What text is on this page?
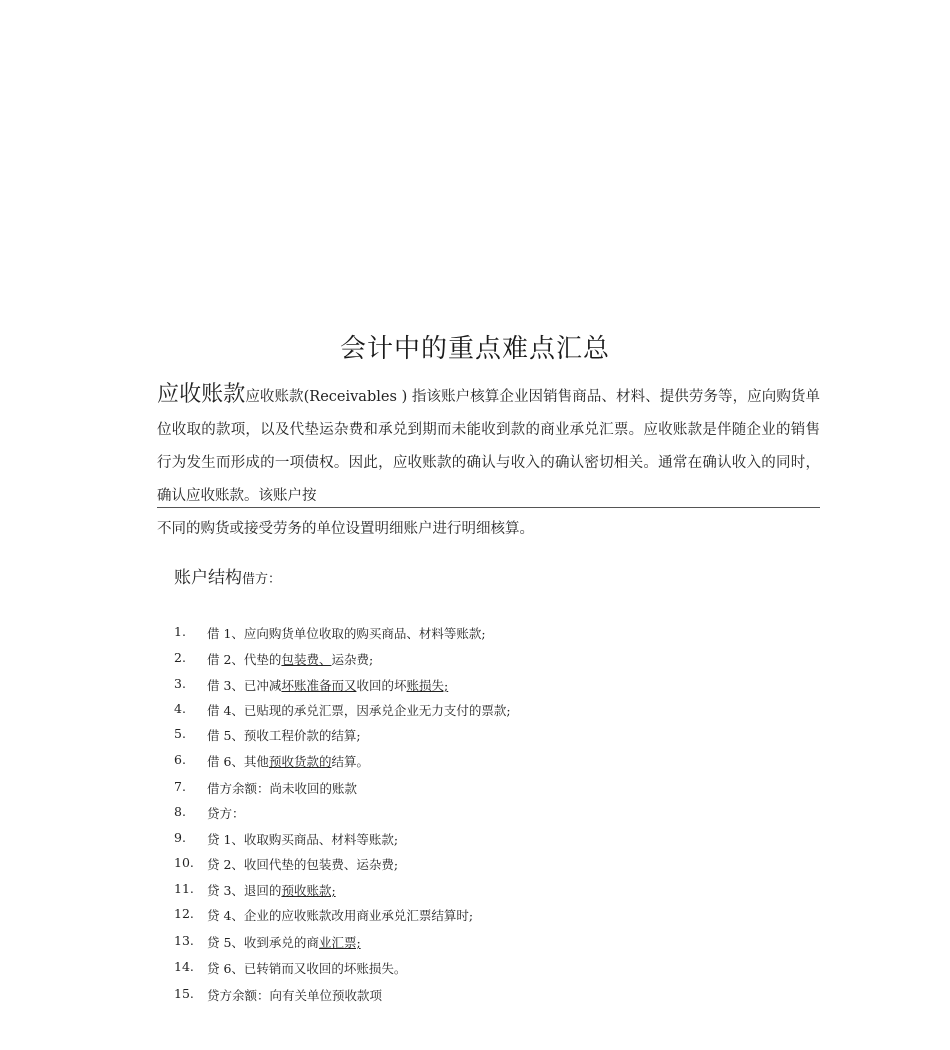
会计中的重点难点汇总
应收账款应收账款(Receivables ) 指该账户核算企业因销售商品、材料、提供劳务等，应向购货单位收取的款项，以及代垫运杂费和承兑到期而未能收到款的商业承兑汇票。应收账款是伴随企业的销售行为发生而形成的一项债权。因此，应收账款的确认与收入的确认密切相关。通常在确认收入的同时，确认应收账款。该账户按
不同的购货或接受劳务的单位设置明细账户进行明细核算。
账户结构借方：
1.	借 1、应向购货单位收取的购买商品、材料等账款;
2.	借 2、代垫的包装费、运杂费;
3.	借 3、已冲减坏账准备而又收回的坏账损失;
4.	借 4、已贴现的承兑汇票，因承兑企业无力支付的票款;
5.	借 5、预收工程价款的结算;
6.	借 6、其他预收货款的结算。
7.	借方余额：尚未收回的账款
8.	贷方：
9.	贷 1、收取购买商品、材料等账款;
10.	贷 2、收回代垫的包装费、运杂费;
11.	贷 3、退回的预收账款;
12.	贷 4、企业的应收账款改用商业承兑汇票结算时;
13.	贷 5、收到承兑的商业汇票;
14.	贷 6、已转销而又收回的坏账损失。
15.	贷方余额：向有关单位预收款项
